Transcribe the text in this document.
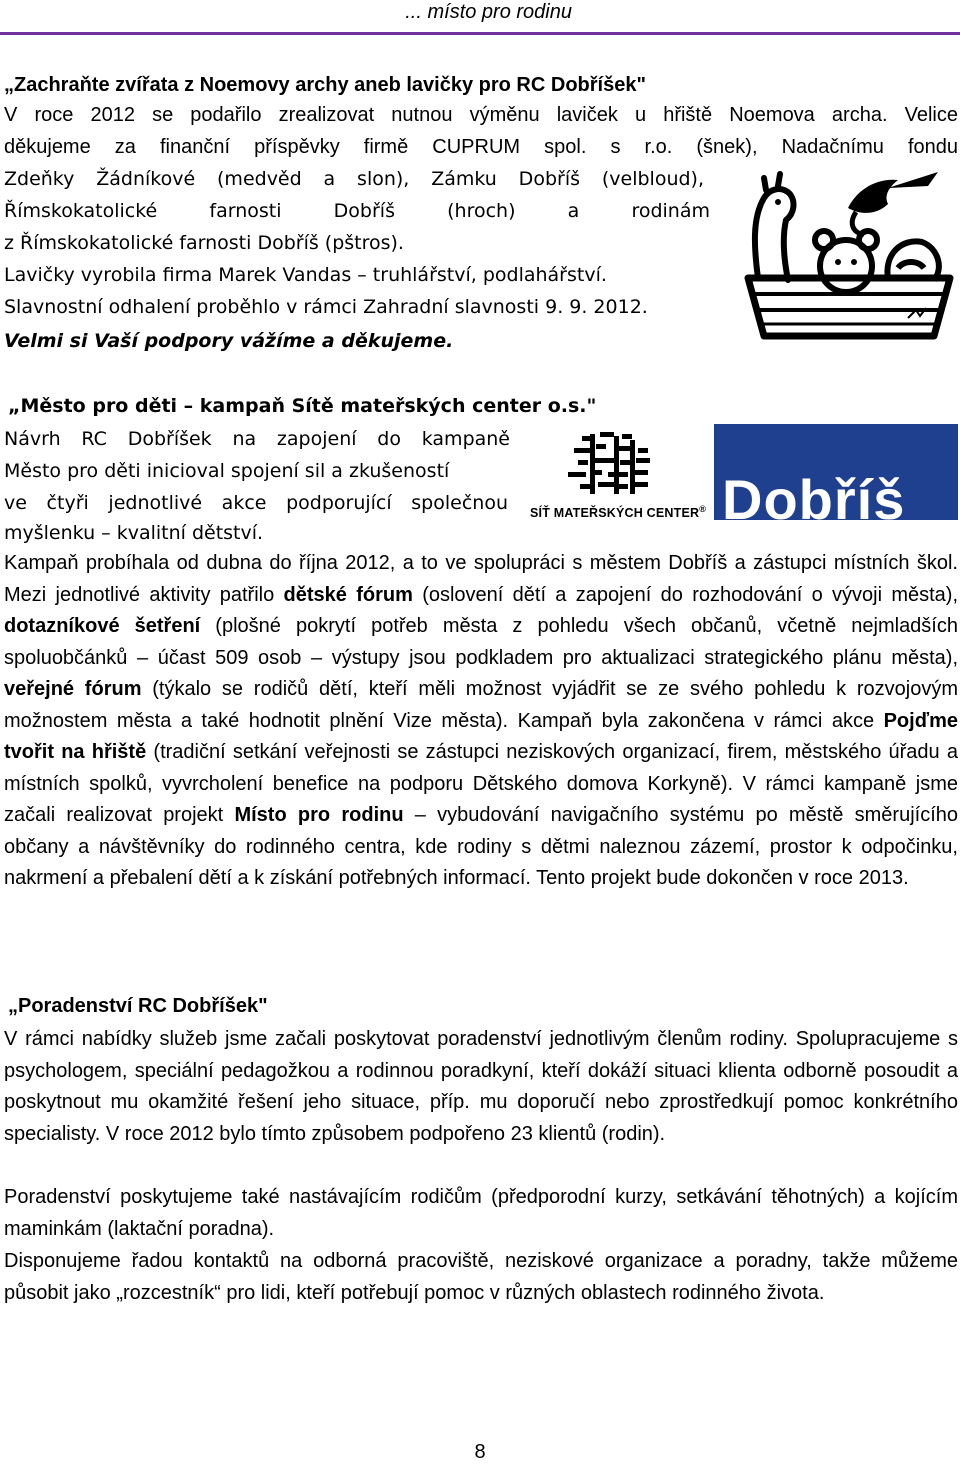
... místo pro rodinu
„Zachraňte zvířata z Noemovy archy aneb lavičky pro RC Dobříšek"
V roce 2012 se podařilo zrealizovat nutnou výměnu laviček u hřiště Noemova archa. Velice
děkujeme za finanční příspěvky firmě CUPRUM spol. s r.o. (šnek), Nadačnímu fondu
Zdeňky Žádníkové (medvěd a slon), Zámku Dobříš (velbloud),
Římskokatolické farnosti Dobříš (hroch) a rodinám
z Římskokatolické farnosti Dobříš (pštros).
Lavičky vyrobila firma Marek Vandas – truhlářství, podlahářství.
Slavnostní odhalení proběhlo v rámci Zahradní slavnosti 9. 9. 2012.
Velmi si Vaší podpory vážíme a děkujeme.
„Město pro děti – kampaň Sítě mateřských center o.s."
Návrh RC Dobříšek na zapojení do kampaně
Město pro děti inicioval spojení sil a zkušeností
ve čtyři jednotlivé akce podporující společnou
myšlenku – kvalitní dětství.
SÍŤ MATEŘSKÝCH CENTER® Dobříš

Kampaň probíhala od dubna do října 2012, a to ve spolupráci s městem Dobříš a zástupci místních škol. Mezi jednotlivé aktivity patřilo dětské fórum (oslovení dětí a zapojení do rozhodování o vývoji města), dotazníkové šetření (plošné pokrytí potřeb města z pohledu všech občanů, včetně nejmladších spoluobčánků – účast 509 osob – výstupy jsou podkladem pro aktualizaci strategického plánu města), veřejné fórum (týkalo se rodičů dětí, kteří měli možnost vyjádřit se ze svého pohledu k rozvojovým možnostem města a také hodnotit plnění Vize města). Kampaň byla zakončena v rámci akce Pojďme tvořit na hřiště (tradiční setkání veřejnosti se zástupci neziskových organizací, firem, městského úřadu a místních spolků, vyvrcholení benefice na podporu Dětského domova Korkyně). V rámci kampaně jsme začali realizovat projekt Místo pro rodinu – vybudování navigačního systému po městě směrujícího občany a návštěvníky do rodinného centra, kde rodiny s dětmi naleznou zázemí, prostor k odpočinku, nakrmení a přebalení dětí a k získání potřebných informací. Tento projekt bude dokončen v roce 2013.

„Poradenství RC Dobříšek"

V rámci nabídky služeb jsme začali poskytovat poradenství jednotlivým členům rodiny. Spolupracujeme s psychologem, speciální pedagožkou a rodinnou poradkyní, kteří dokáží situaci klienta odborně posoudit a poskytnout mu okamžité řešení jeho situace, příp. mu doporučí nebo zprostředkují pomoc konkrétního specialisty. V roce 2012 bylo tímto způsobem podpořeno 23 klientů (rodin).

Poradenství poskytujeme také nastávajícím rodičům (předporodní kurzy, setkávání těhotných) a kojícím maminkám (laktační poradna).

Disponujeme řadou kontaktů na odborná pracoviště, neziskové organizace a poradny, takže můžeme působit jako „rozcestník“ pro lidi, kteří potřebují pomoc v různých oblastech rodinného života.

8
